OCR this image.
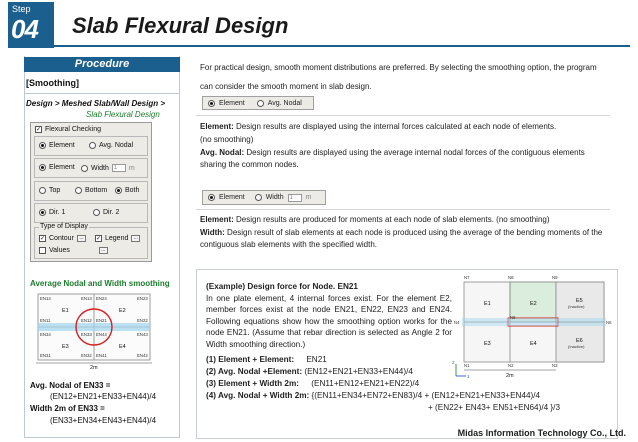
Step
04 Slab Flexural Design
Procedure
[Smoothing]
Design > Meshed Slab/Wall Design >
Slab Flexural Design
✓ Flexural Checking
Element	Avg. Nodal
Element Width 1	m
Top	Bottom	Both
Dir. 1	Dir. 2
Type of Display
✓ Contour	...	✓ Legend	...
Values	...
Average Nodal and Width smoothing
EN14	EN13 EN24	EN23
EN11	EN12 EN21	EN22
EN34	EN33 EN44	EN43
EN31	EN32 EN41	EN42
E1	E2
E3	E4
2m
Avg. Nodal of EN33 =
(EN12+EN21+EN33+EN44)/4
Width 2m of EN33 =
(EN33+EN34+EN43+EN44)/4
For practical design, smooth moment distributions are preferred. By selecting the smoothing option, the program can consider the smooth moment in slab design.
Element	Avg. Nodal
Element: Design results are displayed using the internal forces calculated at each node of elements.
(no smoothing)
Avg. Nodal: Design results are displayed using the average internal nodal forces of the contiguous elements sharing the common nodes.
Element	Width	1	m
Element: Design results are produced for moments at each node of slab elements. (no smoothing)
Width: Design result of slab elements at each node is produced using the average of the bending moments of the contiguous slab elements with the specified width.
(Example) Design force for Node. EN21
In one plate element, 4 internal forces exist. For the element E2, member forces exist at the node EN21, EN22, EN23 and EN24. Following equations show how the smoothing option works for the node EN21. (Assume that rebar direction is selected as Angle 2 for Width smoothing direction.)
(1) Element + Element: EN21
(2) Avg. Nodal +Element: (EN12+EN21+EN33+EN44)/4
(3) Element + Width 2m: (EN11+EN12+EN21+EN22)/4
(4) Avg. Nodal + Width 2m: {(EN11+EN34+EN72+EN83)/4 + (EN12+EN21+EN33+EN44)/4
+ (EN22+ EN43+ EN51+EN64)/4 }/3
N7	N8	N9
N4
N5
N6
N1	N2	N3
E1	E2	E5
E3	E4	E6
(Inactive)
(Inactive)
2m
2
1
Midas Information Technology Co., Ltd.
